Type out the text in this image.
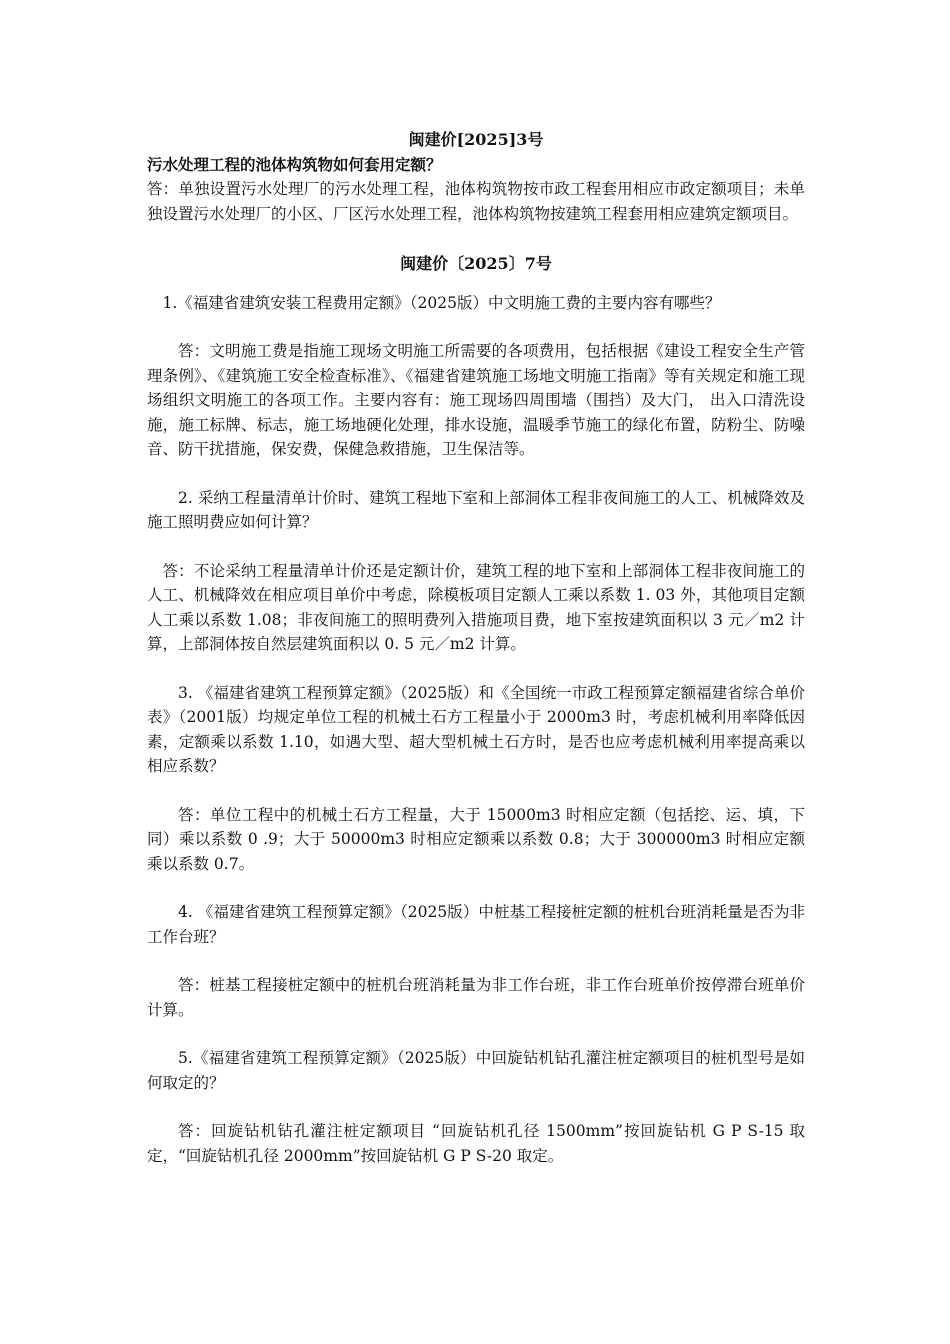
闽建价[2025]3号

污水处理工程的池体构筑物如何套用定额？

答：单独设置污水处理厂的污水处理工程，池体构筑物按市政工程套用相应市政定额项目；未单独设置污水处理厂的小区、厂区污水处理工程，池体构筑物按建筑工程套用相应建筑定额项目。

闽建价〔2025〕7号

1.《福建省建筑安装工程费用定额》（2025版）中文明施工费的主要内容有哪些？

答：文明施工费是指施工现场文明施工所需要的各项费用，包括根据《建设工程安全生产管理条例》、《建筑施工安全检查标准》、《福建省建筑施工场地文明施工指南》等有关规定和施工现场组织文明施工的各项工作。主要内容有：施工现场四周围墙（围挡）及大门， 出入口清洗设施，施工标牌、标志，施工场地硬化处理，排水设施，温暖季节施工的绿化布置，防粉尘、防噪音、防干扰措施，保安费，保健急救措施，卫生保洁等。

2. 采纳工程量清单计价时、建筑工程地下室和上部洞体工程非夜间施工的人工、机械降效及施工照明费应如何计算？

答：不论采纳工程量清单计价还是定额计价，建筑工程的地下室和上部洞体工程非夜间施工的人工、机械降效在相应项目单价中考虑，除模板项目定额人工乘以系数 1. 03 外，其他项目定额人工乘以系数 1.08；非夜间施工的照明费列入措施项目费，地下室按建筑面积以 3 元／m2 计算，上部洞体按自然层建筑面积以 0. 5 元／m2 计算。

3. 《福建省建筑工程预算定额》（2025版）和《全国统一市政工程预算定额福建省综合单价表》（2001版）均规定单位工程的机械土石方工程量小于 2000m3 时，考虑机械利用率降低因素，定额乘以系数 1.10，如遇大型、超大型机械土石方时，是否也应考虑机械利用率提高乘以相应系数？

答：单位工程中的机械土石方工程量，大于 15000m3 时相应定额（包括挖、运、填，下同）乘以系数 0 .9；大于 50000m3 时相应定额乘以系数 0.8；大于 300000m3 时相应定额乘以系数 0.7。

4. 《福建省建筑工程预算定额》（2025版）中桩基工程接桩定额的桩机台班消耗量是否为非工作台班？

答：桩基工程接桩定额中的桩机台班消耗量为非工作台班，非工作台班单价按停滞台班单价计算。

5.《福建省建筑工程预算定额》（2025版）中回旋钻机钻孔灌注桩定额项目的桩机型号是如何取定的？

答：回旋钻机钻孔灌注桩定额项目 “回旋钻机孔径 1500mm”按回旋钻机 G P S-15 取定，“回旋钻机孔径 2000mm”按回旋钻机 G P S-20 取定。
